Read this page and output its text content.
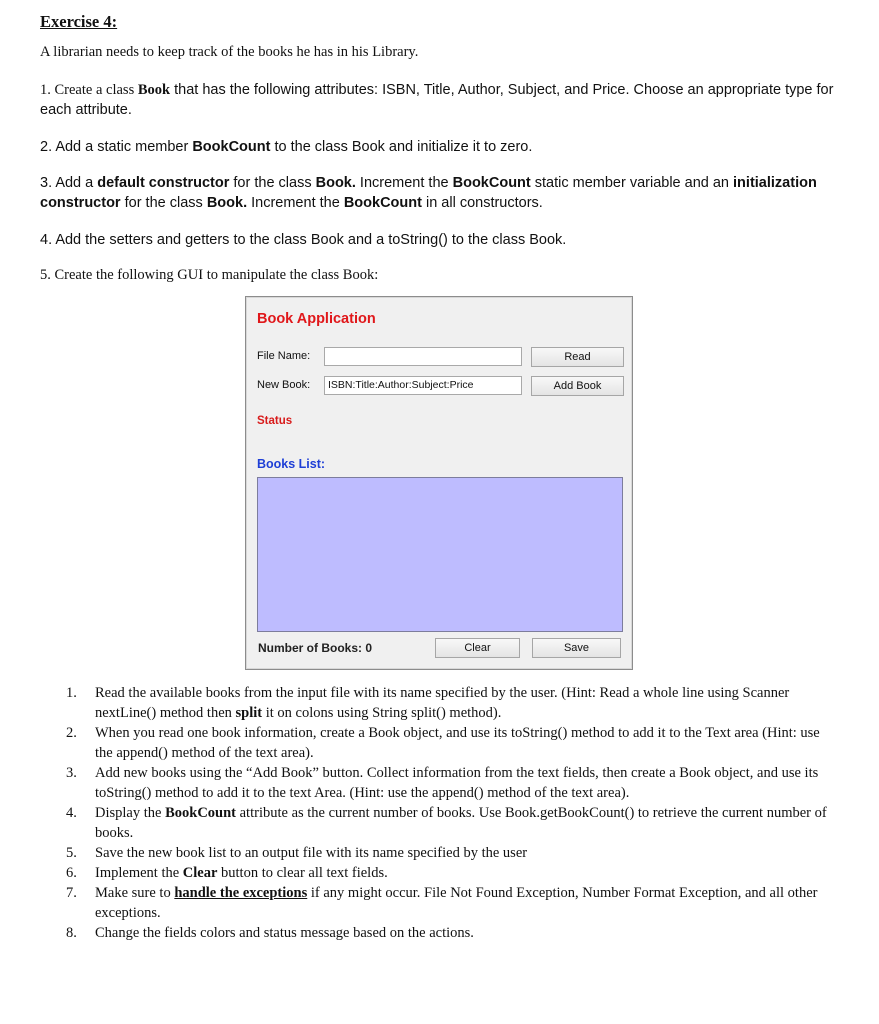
Exercise 4:
A librarian needs to keep track of the books he has in his Library.
1. Create a class Book that has the following attributes: ISBN, Title, Author, Subject, and Price. Choose an appropriate type for each attribute.
2. Add a static member BookCount to the class Book and initialize it to zero.
3. Add a default constructor for the class Book. Increment the BookCount static member variable and an initialization constructor for the class Book. Increment the BookCount in all constructors.
4. Add the setters and getters to the class Book and a toString() to the class Book.
5. Create the following GUI to manipulate the class Book:
Book Application
File Name:	Read
New Book:	ISBN:Title:Author:Subject:Price	Add Book
Status
Books List:
Number of Books: 0	Clear	Save
1. Read the available books from the input file with its name specified by the user. (Hint: Read a whole line using Scanner nextLine() method then split it on colons using String split() method).
2. When you read one book information, create a Book object, and use its toString() method to add it to the Text area (Hint: use the append() method of the text area).
3. Add new books using the “Add Book” button. Collect information from the text fields, then create a Book object, and use its toString() method to add it to the text Area. (Hint: use the append() method of the text area).
4. Display the BookCount attribute as the current number of books. Use Book.getBookCount() to retrieve the current number of books.
5. Save the new book list to an output file with its name specified by the user
6. Implement the Clear button to clear all text fields.
7. Make sure to handle the exceptions if any might occur. File Not Found Exception, Number Format Exception, and all other exceptions.
8. Change the fields colors and status message based on the actions.
